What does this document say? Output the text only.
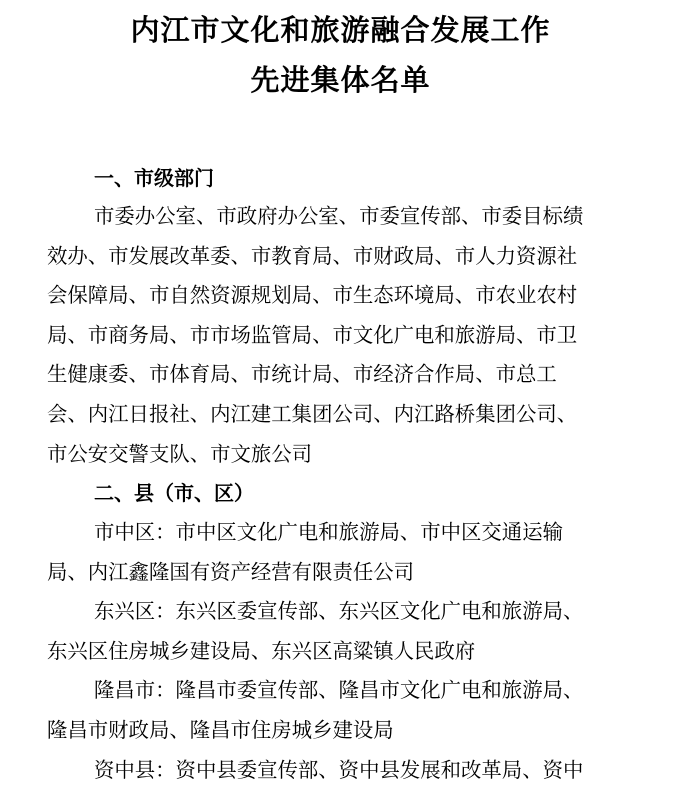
内江市文化和旅游融合发展工作
先进集体名单
一、市级部门
市委办公室、市政府办公室、市委宣传部、市委目标绩
效办、市发展改革委、市教育局、市财政局、市人力资源社
会保障局、市自然资源规划局、市生态环境局、市农业农村
局、市商务局、市市场监管局、市文化广电和旅游局、市卫
生健康委、市体育局、市统计局、市经济合作局、市总工
会、内江日报社、内江建工集团公司、内江路桥集团公司、
市公安交警支队、市文旅公司
二、县（市、区）
市中区：市中区文化广电和旅游局、市中区交通运输
局、内江鑫隆国有资产经营有限责任公司
东兴区：东兴区委宣传部、东兴区文化广电和旅游局、
东兴区住房城乡建设局、东兴区高粱镇人民政府
隆昌市：隆昌市委宣传部、隆昌市文化广电和旅游局、
隆昌市财政局、隆昌市住房城乡建设局
资中县：资中县委宣传部、资中县发展和改革局、资中
